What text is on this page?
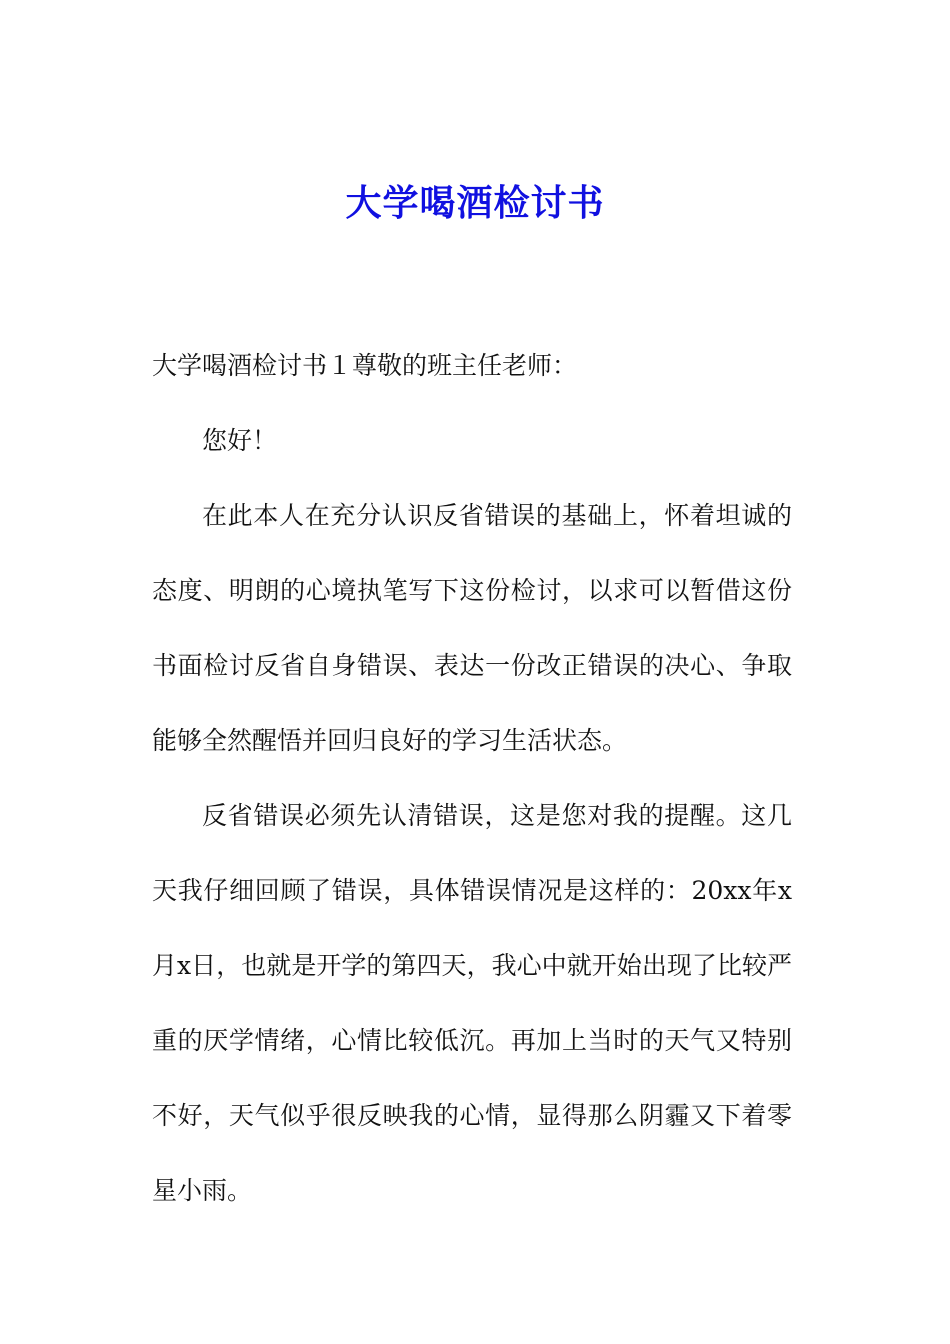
大学喝酒检讨书

大学喝酒检讨书１尊敬的班主任老师：

您好！

在此本人在充分认识反省错误的基础上，怀着坦诚的态度、明朗的心境执笔写下这份检讨，以求可以暂借这份书面检讨反省自身错误、表达一份改正错误的决心、争取能够全然醒悟并回归良好的学习生活状态。

反省错误必须先认清错误，这是您对我的提醒。这几天我仔细回顾了错误，具体错误情况是这样的：20xx年x月x日，也就是开学的第四天，我心中就开始出现了比较严重的厌学情绪，心情比较低沉。再加上当时的天气又特别不好，天气似乎很反映我的心情，显得那么阴霾又下着零星小雨。
